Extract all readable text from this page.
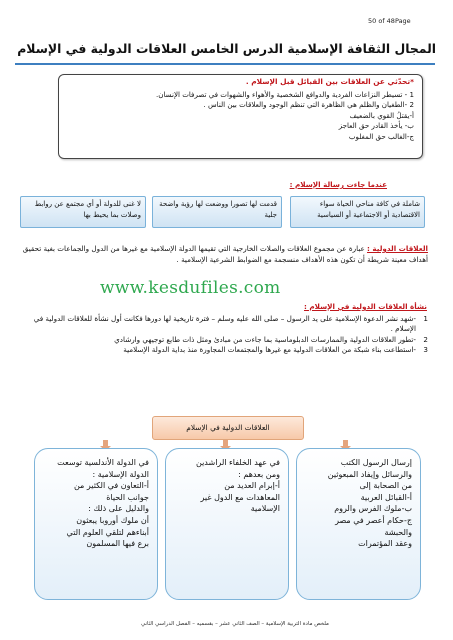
50 of 48Page
المجال الثقافة الإسلامية الدرس الخامس العلاقات الدولية في الإسلام
*تحدّثي عن العلاقات بين القبائل قبل الإسلام .
1 - تسيطر النزاعات الفردية والدوافع الشخصية والأهواء والشهوات في تصرفات الإنسان.
2 -الطغيان والظلم هي الظاهرة التي تنظم الوجود والعلاقات بين الناس .
أ-يقتلُ القوي بالضعيف
ب- يأخذ القادر حق العاجز
ج-الغالب حق المغلوب
عندما جاءت رسالة الإسلام :
شاملة في كافة مناحي الحياة سواء الاقتصادية أو الاجتماعية أو السياسية
قدمت لها تصورا ووضعت لها رؤية واضحة جلية
لا غنى للدولة أو أي مجتمع عن روابط وصلات بما يحيط بها
العلاقات الدولية : عبارة عن مجموع العلاقات والصلات الخارجية التي تقيمها الدولة الإسلامية مع غيرها من الدول والجماعات بغية تحقيق أهداف معينة شريطة أن تكون هذه الأهداف منسجمة مع الضوابط الشرعية الإسلامية .
www.kesdufiles.com
نشأة العلاقات الدولية في الإسلام :
1
-شهد نشر الدعوة الإسلامية على يد الرسول – صلى الله عليه وسلم – فترة تاريخية لها دورها فكانت أول نشأة للعلاقات الدولية في الإسلام .
2
-تطور العلاقات الدولية والممارسات الدبلوماسية بما جاءت من مبادئ ومثل ذات طابع توجيهي وارشادي
3
-استطاعت بناء شبكة من العلاقات الدولية مع غيرها والمجتمعات المجاورة منذ بداية الدولة الإسلامية
العلاقات الدولية في الإسلام
إرسال الرسول الكتب
والرسائل وإيفاد المبعوثين
من الصحابة إلى
أ-القبائل العربية
ب-ملوك الفرس والروم
ج-حكام أعصر في مصر
والحبشة
وعقد المؤتمرات
في عهد الخلفاء الراشدين
ومن بعدهم :
أ-إبرام العديد من
المعاهدات مع الدول غير
الإسلامية
في الدولة الأندلسية توسعت
الدولة الإسلامية :
أ-التعاون في الكثير من
جوانب الحياة
والدليل على ذلك :
أن ملوك أوروبا يبعثون
أبناءهم لتلقي العلوم التي
برع فيها المسلمون
ملخص مادة التربية الإسلامية – الصف الثاني عشر – بقسميه – الفصل الدراسي الثاني
